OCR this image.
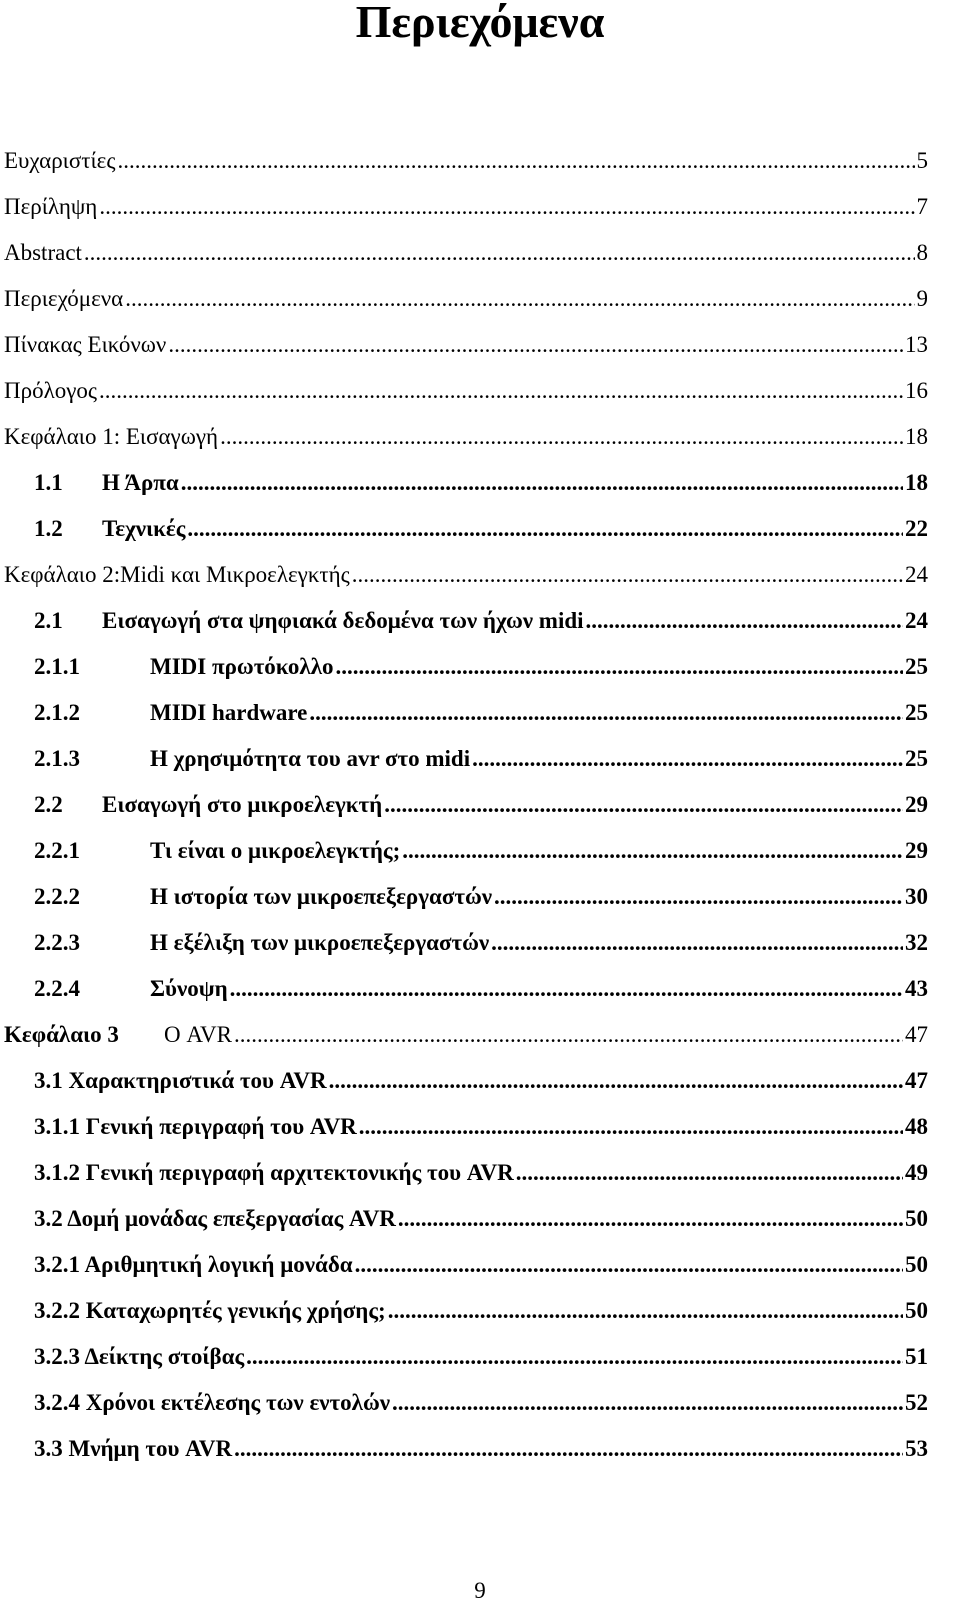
Περιεχόμενα
Ευχαριστίες .....	5
Περίληψη .....	7
Abstract .....	8
Περιεχόμενα .....	9
Πίνακας Εικόνων .....	13
Πρόλογος .....	16
Κεφάλαιο 1: Εισαγωγή .....	18
1.1	Η Άρπα .....	18
1.2	Τεχνικές .....	22
Κεφάλαιο 2:Midi και Μικροελεγκτής .....	24
2.1	Εισαγωγή στα ψηφιακά δεδομένα των ήχων midi .....	24
2.1.1	MIDI πρωτόκολλο .....	25
2.1.2	MIDI hardware .....	25
2.1.3	Η χρησιμότητα του avr στο midi .....	25
2.2	Εισαγωγή στο μικροελεγκτή .....	29
2.2.1	Τι είναι ο μικροελεγκτής; .....	29
2.2.2	Η ιστορία των μικροεπεξεργαστών .....	30
2.2.3	Η εξέλιξη των μικροεπεξεργαστών .....	32
2.2.4	Σύνοψη .....	43
Κεφάλαιο 3	Ο AVR .....	47
3.1 Χαρακτηριστικά του AVR .....	47
3.1.1 Γενική περιγραφή του AVR .....	48
3.1.2 Γενική περιγραφή αρχιτεκτονικής του AVR .....	49
3.2 Δομή μονάδας επεξεργασίας AVR .....	50
3.2.1 Αριθμητική λογική μονάδα .....	50
3.2.2 Καταχωρητές γενικής χρήσης; .....	50
3.2.3 Δείκτης στοίβας .....	51
3.2.4 Χρόνοι εκτέλεσης των εντολών .....	52
3.3 Μνήμη του AVR .....	53
9
